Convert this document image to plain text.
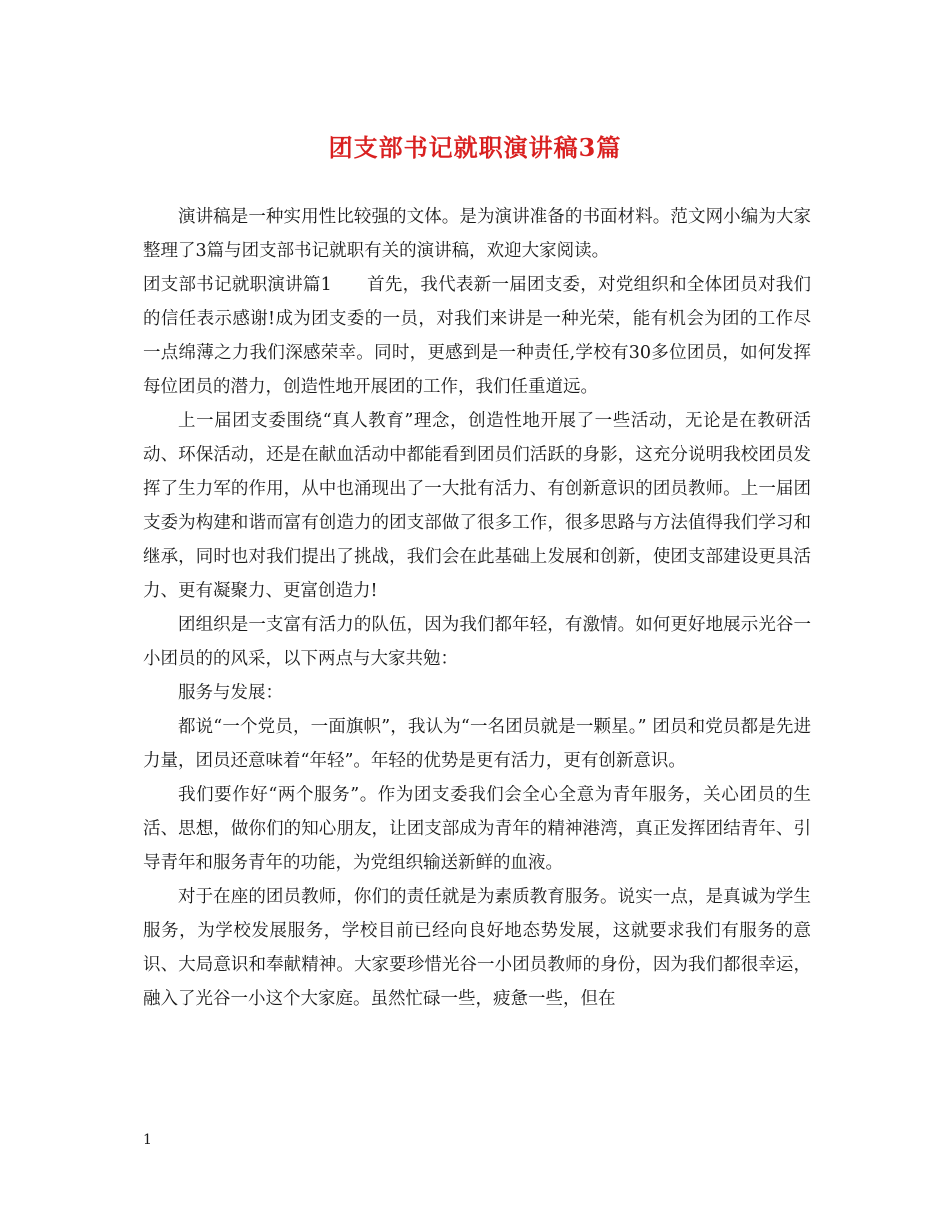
团支部书记就职演讲稿3篇

演讲稿是一种实用性比较强的文体。是为演讲准备的书面材料。范文网小编为大家整理了3篇与团支部书记就职有关的演讲稿，欢迎大家阅读。

团支部书记就职演讲篇1 首先，我代表新一届团支委，对党组织和全体团员对我们的信任表示感谢!成为团支委的一员，对我们来讲是一种光荣，能有机会为团的工作尽一点绵薄之力我们深感荣幸。同时，更感到是一种责任,学校有30多位团员，如何发挥每位团员的潜力，创造性地开展团的工作，我们任重道远。

上一届团支委围绕“真人教育”理念，创造性地开展了一些活动，无论是在教研活动、环保活动，还是在献血活动中都能看到团员们活跃的身影，这充分说明我校团员发挥了生力军的作用，从中也涌现出了一大批有活力、有创新意识的团员教师。上一届团支委为构建和谐而富有创造力的团支部做了很多工作，很多思路与方法值得我们学习和继承，同时也对我们提出了挑战，我们会在此基础上发展和创新，使团支部建设更具活力、更有凝聚力、更富创造力!

团组织是一支富有活力的队伍，因为我们都年轻，有激情。如何更好地展示光谷一小团员的的风采，以下两点与大家共勉：

服务与发展：

都说“一个党员，一面旗帜”，我认为“一名团员就是一颗星。” 团员和党员都是先进力量，团员还意味着“年轻”。年轻的优势是更有活力，更有创新意识。

我们要作好“两个服务”。作为团支委我们会全心全意为青年服务，关心团员的生活、思想，做你们的知心朋友，让团支部成为青年的精神港湾，真正发挥团结青年、引导青年和服务青年的功能，为党组织输送新鲜的血液。

对于在座的团员教师，你们的责任就是为素质教育服务。说实一点，是真诚为学生服务，为学校发展服务，学校目前已经向良好地态势发展，这就要求我们有服务的意识、大局意识和奉献精神。大家要珍惜光谷一小团员教师的身份，因为我们都很幸运，融入了光谷一小这个大家庭。虽然忙碌一些，疲惫一些，但在

1
